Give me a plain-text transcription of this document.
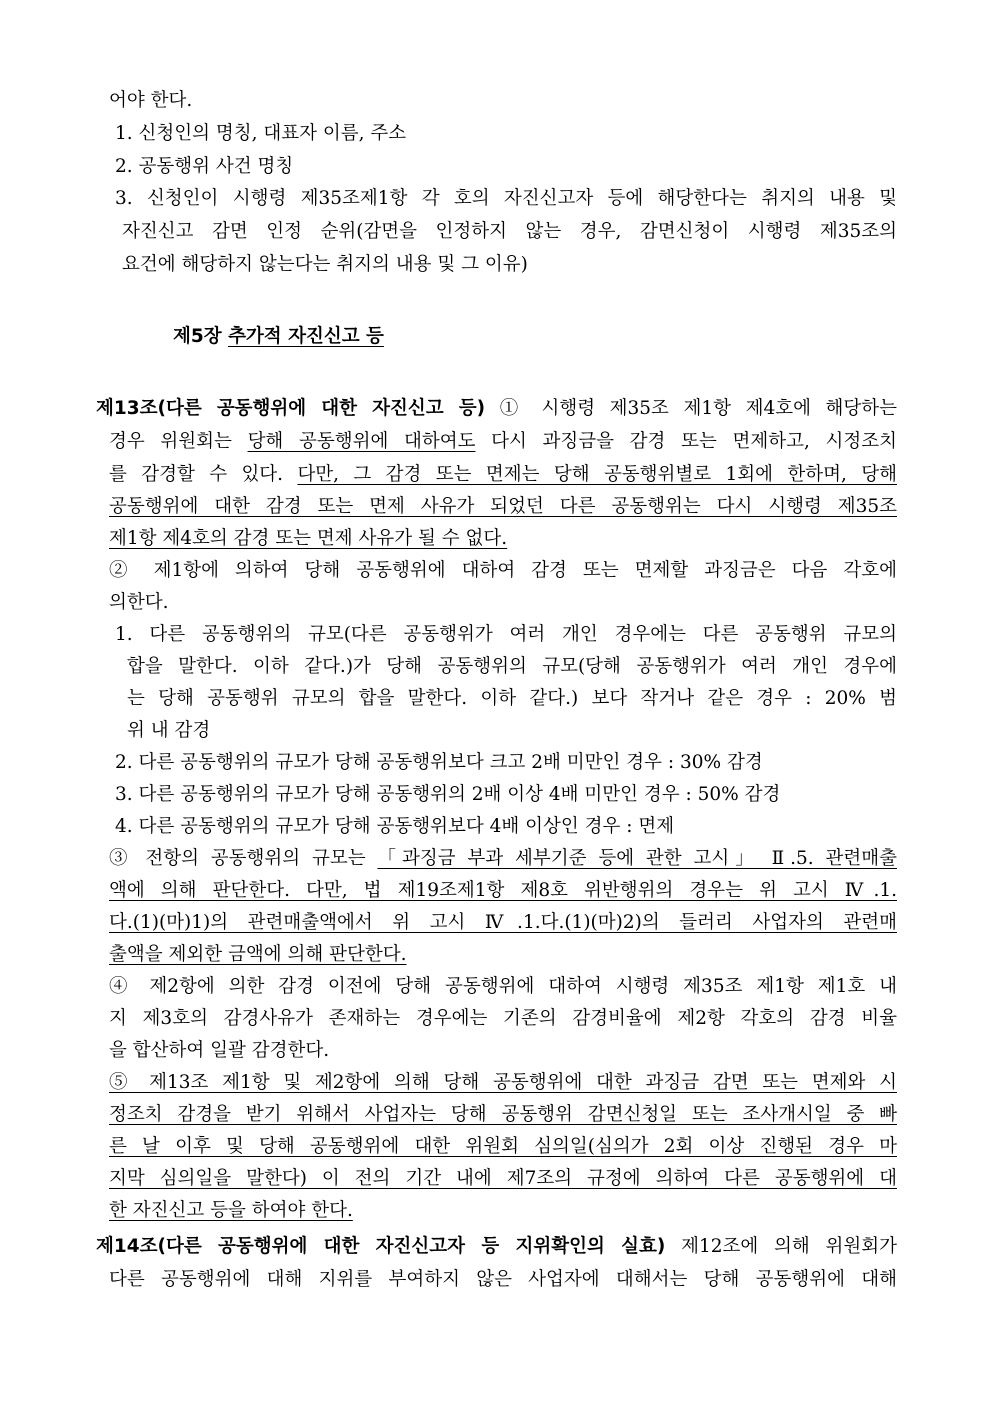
어야 한다.
1. 신청인의 명칭, 대표자 이름, 주소
2. 공동행위 사건 명칭
3. 신청인이 시행령 제35조제1항 각 호의 자진신고자 등에 해당한다는 취지의 내용 및
자진신고 감면 인정 순위(감면을 인정하지 않는 경우, 감면신청이 시행령 제35조의
요건에 해당하지 않는다는 취지의 내용 및 그 이유)
제5장 추가적 자진신고 등
제13조(다른 공동행위에 대한 자진신고 등) ① 시행령 제35조 제1항 제4호에 해당하는
경우 위원회는 당해 공동행위에 대하여도 다시 과징금을 감경 또는 면제하고, 시정조치
를 감경할 수 있다. 다만, 그 감경 또는 면제는 당해 공동행위별로 1회에 한하며, 당해
공동행위에 대한 감경 또는 면제 사유가 되었던 다른 공동행위는 다시 시행령 제35조
제1항 제4호의 감경 또는 면제 사유가 될 수 없다.
② 제1항에 의하여 당해 공동행위에 대하여 감경 또는 면제할 과징금은 다음 각호에
의한다.
1. 다른 공동행위의 규모(다른 공동행위가 여러 개인 경우에는 다른 공동행위 규모의
합을 말한다. 이하 같다.)가 당해 공동행위의 규모(당해 공동행위가 여러 개인 경우에
는 당해 공동행위 규모의 합을 말한다. 이하 같다.) 보다 작거나 같은 경우 : 20% 범
위 내 감경
2. 다른 공동행위의 규모가 당해 공동행위보다 크고 2배 미만인 경우 : 30% 감경
3. 다른 공동행위의 규모가 당해 공동행위의 2배 이상 4배 미만인 경우 : 50% 감경
4. 다른 공동행위의 규모가 당해 공동행위보다 4배 이상인 경우 : 면제
③ 전항의 공동행위의 규모는 「과징금 부과 세부기준 등에 관한 고시」 Ⅱ.5. 관련매출
액에 의해 판단한다. 다만, 법 제19조제1항 제8호 위반행위의 경우는 위 고시 Ⅳ.1.
다.(1)(마)1)의 관련매출액에서 위 고시 Ⅳ.1.다.(1)(마)2)의 들러리 사업자의 관련매
출액을 제외한 금액에 의해 판단한다.
④ 제2항에 의한 감경 이전에 당해 공동행위에 대하여 시행령 제35조 제1항 제1호 내
지 제3호의 감경사유가 존재하는 경우에는 기존의 감경비율에 제2항 각호의 감경 비율
을 합산하여 일괄 감경한다.
⑤ 제13조 제1항 및 제2항에 의해 당해 공동행위에 대한 과징금 감면 또는 면제와 시
정조치 감경을 받기 위해서 사업자는 당해 공동행위 감면신청일 또는 조사개시일 중 빠
른 날 이후 및 당해 공동행위에 대한 위원회 심의일(심의가 2회 이상 진행된 경우 마
지막 심의일을 말한다) 이 전의 기간 내에 제7조의 규정에 의하여 다른 공동행위에 대
한 자진신고 등을 하여야 한다.
제14조(다른 공동행위에 대한 자진신고자 등 지위확인의 실효) 제12조에 의해 위원회가
다른 공동행위에 대해 지위를 부여하지 않은 사업자에 대해서는 당해 공동행위에 대해
